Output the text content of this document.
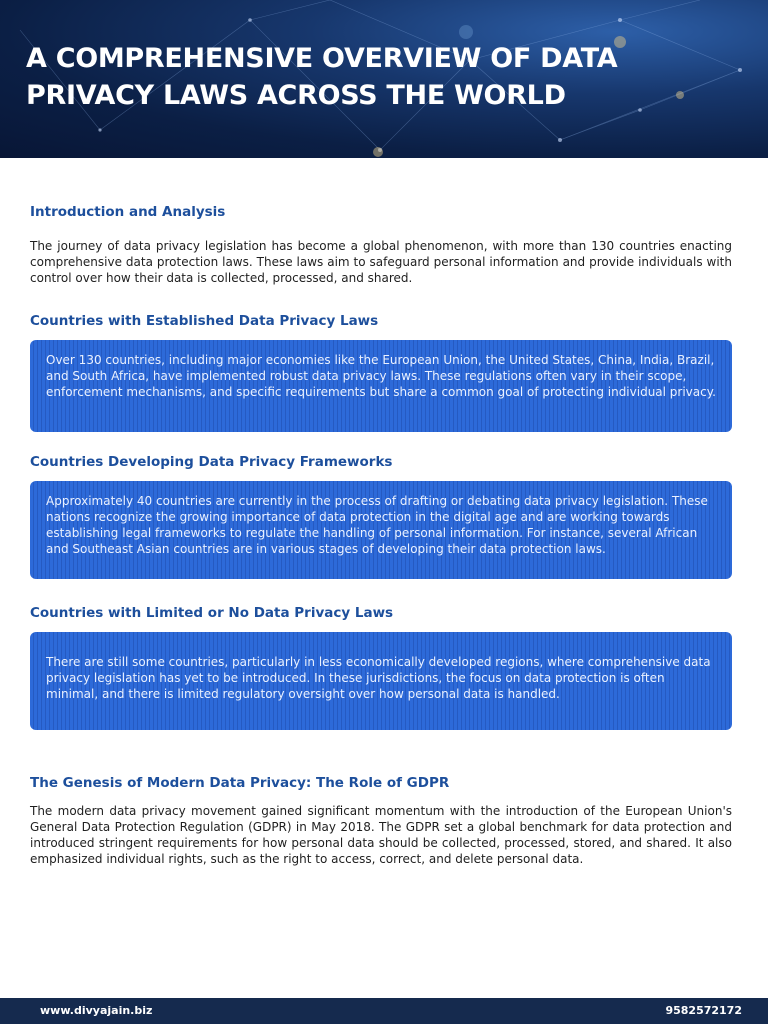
A COMPREHENSIVE OVERVIEW OF DATA PRIVACY LAWS ACROSS THE WORLD
Introduction and Analysis
The journey of data privacy legislation has become a global phenomenon, with more than 130 countries enacting comprehensive data protection laws. These laws aim to safeguard personal information and provide individuals with control over how their data is collected, processed, and shared.
Countries with Established Data Privacy Laws
Over 130 countries, including major economies like the European Union, the United States, China, India, Brazil, and South Africa, have implemented robust data privacy laws. These regulations often vary in their scope, enforcement mechanisms, and specific requirements but share a common goal of protecting individual privacy.
Countries Developing Data Privacy Frameworks
Approximately 40 countries are currently in the process of drafting or debating data privacy legislation. These nations recognize the growing importance of data protection in the digital age and are working towards establishing legal frameworks to regulate the handling of personal information. For instance, several African and Southeast Asian countries are in various stages of developing their data protection laws.
Countries with Limited or No Data Privacy Laws
There are still some countries, particularly in less economically developed regions, where comprehensive data privacy legislation has yet to be introduced. In these jurisdictions, the focus on data protection is often minimal, and there is limited regulatory oversight over how personal data is handled.
The Genesis of Modern Data Privacy: The Role of GDPR
The modern data privacy movement gained significant momentum with the introduction of the European Union's General Data Protection Regulation (GDPR) in May 2018. The GDPR set a global benchmark for data protection and introduced stringent requirements for how personal data should be collected, processed, stored, and shared. It also emphasized individual rights, such as the right to access, correct, and delete personal data.
www.divyajain.biz	9582572172
